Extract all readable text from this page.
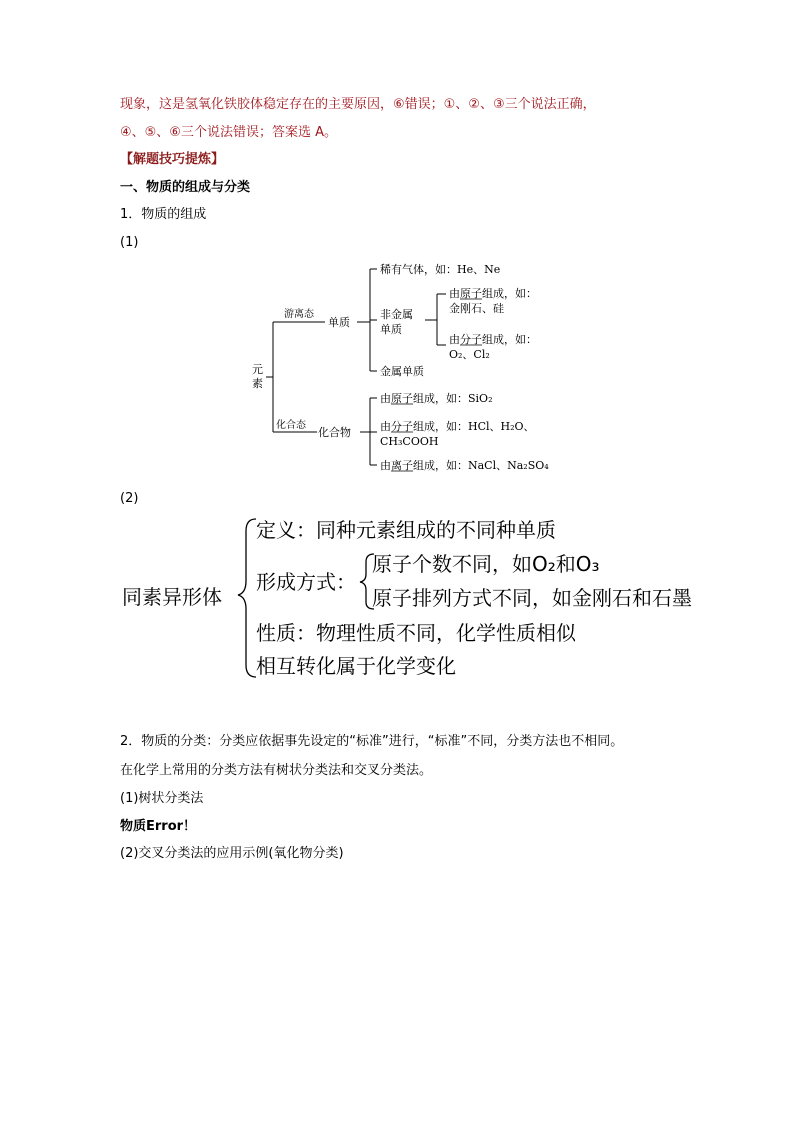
现象，这是氢氧化铁胶体稳定存在的主要原因，⑥错误；①、②、③三个说法正确，
④、⑤、⑥三个说法错误；答案选 A。
【解题技巧提炼】
一、物质的组成与分类
1．物质的组成
(1)
元
素
游离态
化合态
单质
化合物
稀有气体，如：He、Ne
非金属
单质
由原子组成，如：
金刚石、硅
由分子组成，如：
O₂、Cl₂
金属单质
由原子组成，如：SiO₂
由分子组成，如：HCl、H₂O、
CH₃COOH
由离子组成，如：NaCl、Na₂SO₄
(2)
同素异形体
定义：同种元素组成的不同种单质
形成方式：
原子个数不同，如O₂和O₃
原子排列方式不同，如金刚石和石墨
性质：物理性质不同，化学性质相似
相互转化属于化学变化
2．物质的分类：分类应依据事先设定的“标准”进行，“标准”不同，分类方法也不相同。
在化学上常用的分类方法有树状分类法和交叉分类法。
(1)树状分类法
物质Error！
(2)交叉分类法的应用示例(氧化物分类)
